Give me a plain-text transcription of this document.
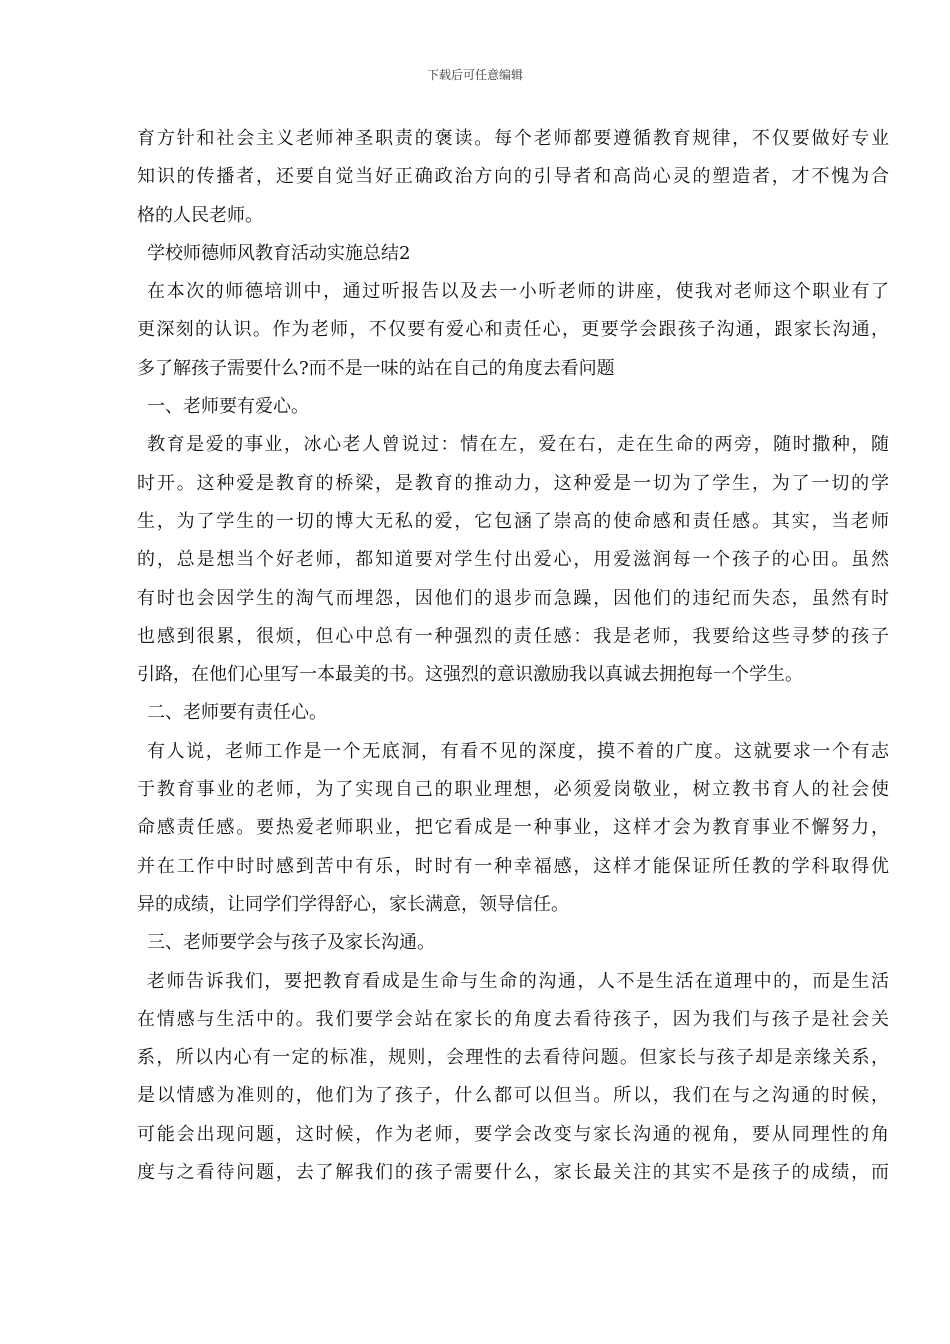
下载后可任意编辑
育方针和社会主义老师神圣职责的褒读。每个老师都要遵循教育规律，不仅要做好专业
知识的传播者，还要自觉当好正确政治方向的引导者和高尚心灵的塑造者，才不愧为合
格的人民老师。
学校师德师风教育活动实施总结2
在本次的师德培训中，通过听报告以及去一小听老师的讲座，使我对老师这个职业有了
更深刻的认识。作为老师，不仅要有爱心和责任心，更要学会跟孩子沟通，跟家长沟通，
多了解孩子需要什么?而不是一味的站在自己的角度去看问题
一、老师要有爱心。
教育是爱的事业，冰心老人曾说过：情在左，爱在右，走在生命的两旁，随时撒种，随
时开。这种爱是教育的桥梁，是教育的推动力，这种爱是一切为了学生，为了一切的学
生，为了学生的一切的博大无私的爱，它包涵了崇高的使命感和责任感。其实，当老师
的，总是想当个好老师，都知道要对学生付出爱心，用爱滋润每一个孩子的心田。虽然
有时也会因学生的淘气而埋怨，因他们的退步而急躁，因他们的违纪而失态，虽然有时
也感到很累，很烦，但心中总有一种强烈的责任感：我是老师，我要给这些寻梦的孩子
引路，在他们心里写一本最美的书。这强烈的意识激励我以真诚去拥抱每一个学生。
二、老师要有责任心。
有人说，老师工作是一个无底洞，有看不见的深度，摸不着的广度。这就要求一个有志
于教育事业的老师，为了实现自己的职业理想，必须爱岗敬业，树立教书育人的社会使
命感责任感。要热爱老师职业，把它看成是一种事业，这样才会为教育事业不懈努力，
并在工作中时时感到苦中有乐，时时有一种幸福感，这样才能保证所任教的学科取得优
异的成绩，让同学们学得舒心，家长满意，领导信任。
三、老师要学会与孩子及家长沟通。
老师告诉我们，要把教育看成是生命与生命的沟通，人不是生活在道理中的，而是生活
在情感与生活中的。我们要学会站在家长的角度去看待孩子，因为我们与孩子是社会关
系，所以内心有一定的标准，规则，会理性的去看待问题。但家长与孩子却是亲缘关系，
是以情感为准则的，他们为了孩子，什么都可以但当。所以，我们在与之沟通的时候，
可能会出现问题，这时候，作为老师，要学会改变与家长沟通的视角，要从同理性的角
度与之看待问题，去了解我们的孩子需要什么，家长最关注的其实不是孩子的成绩，而
